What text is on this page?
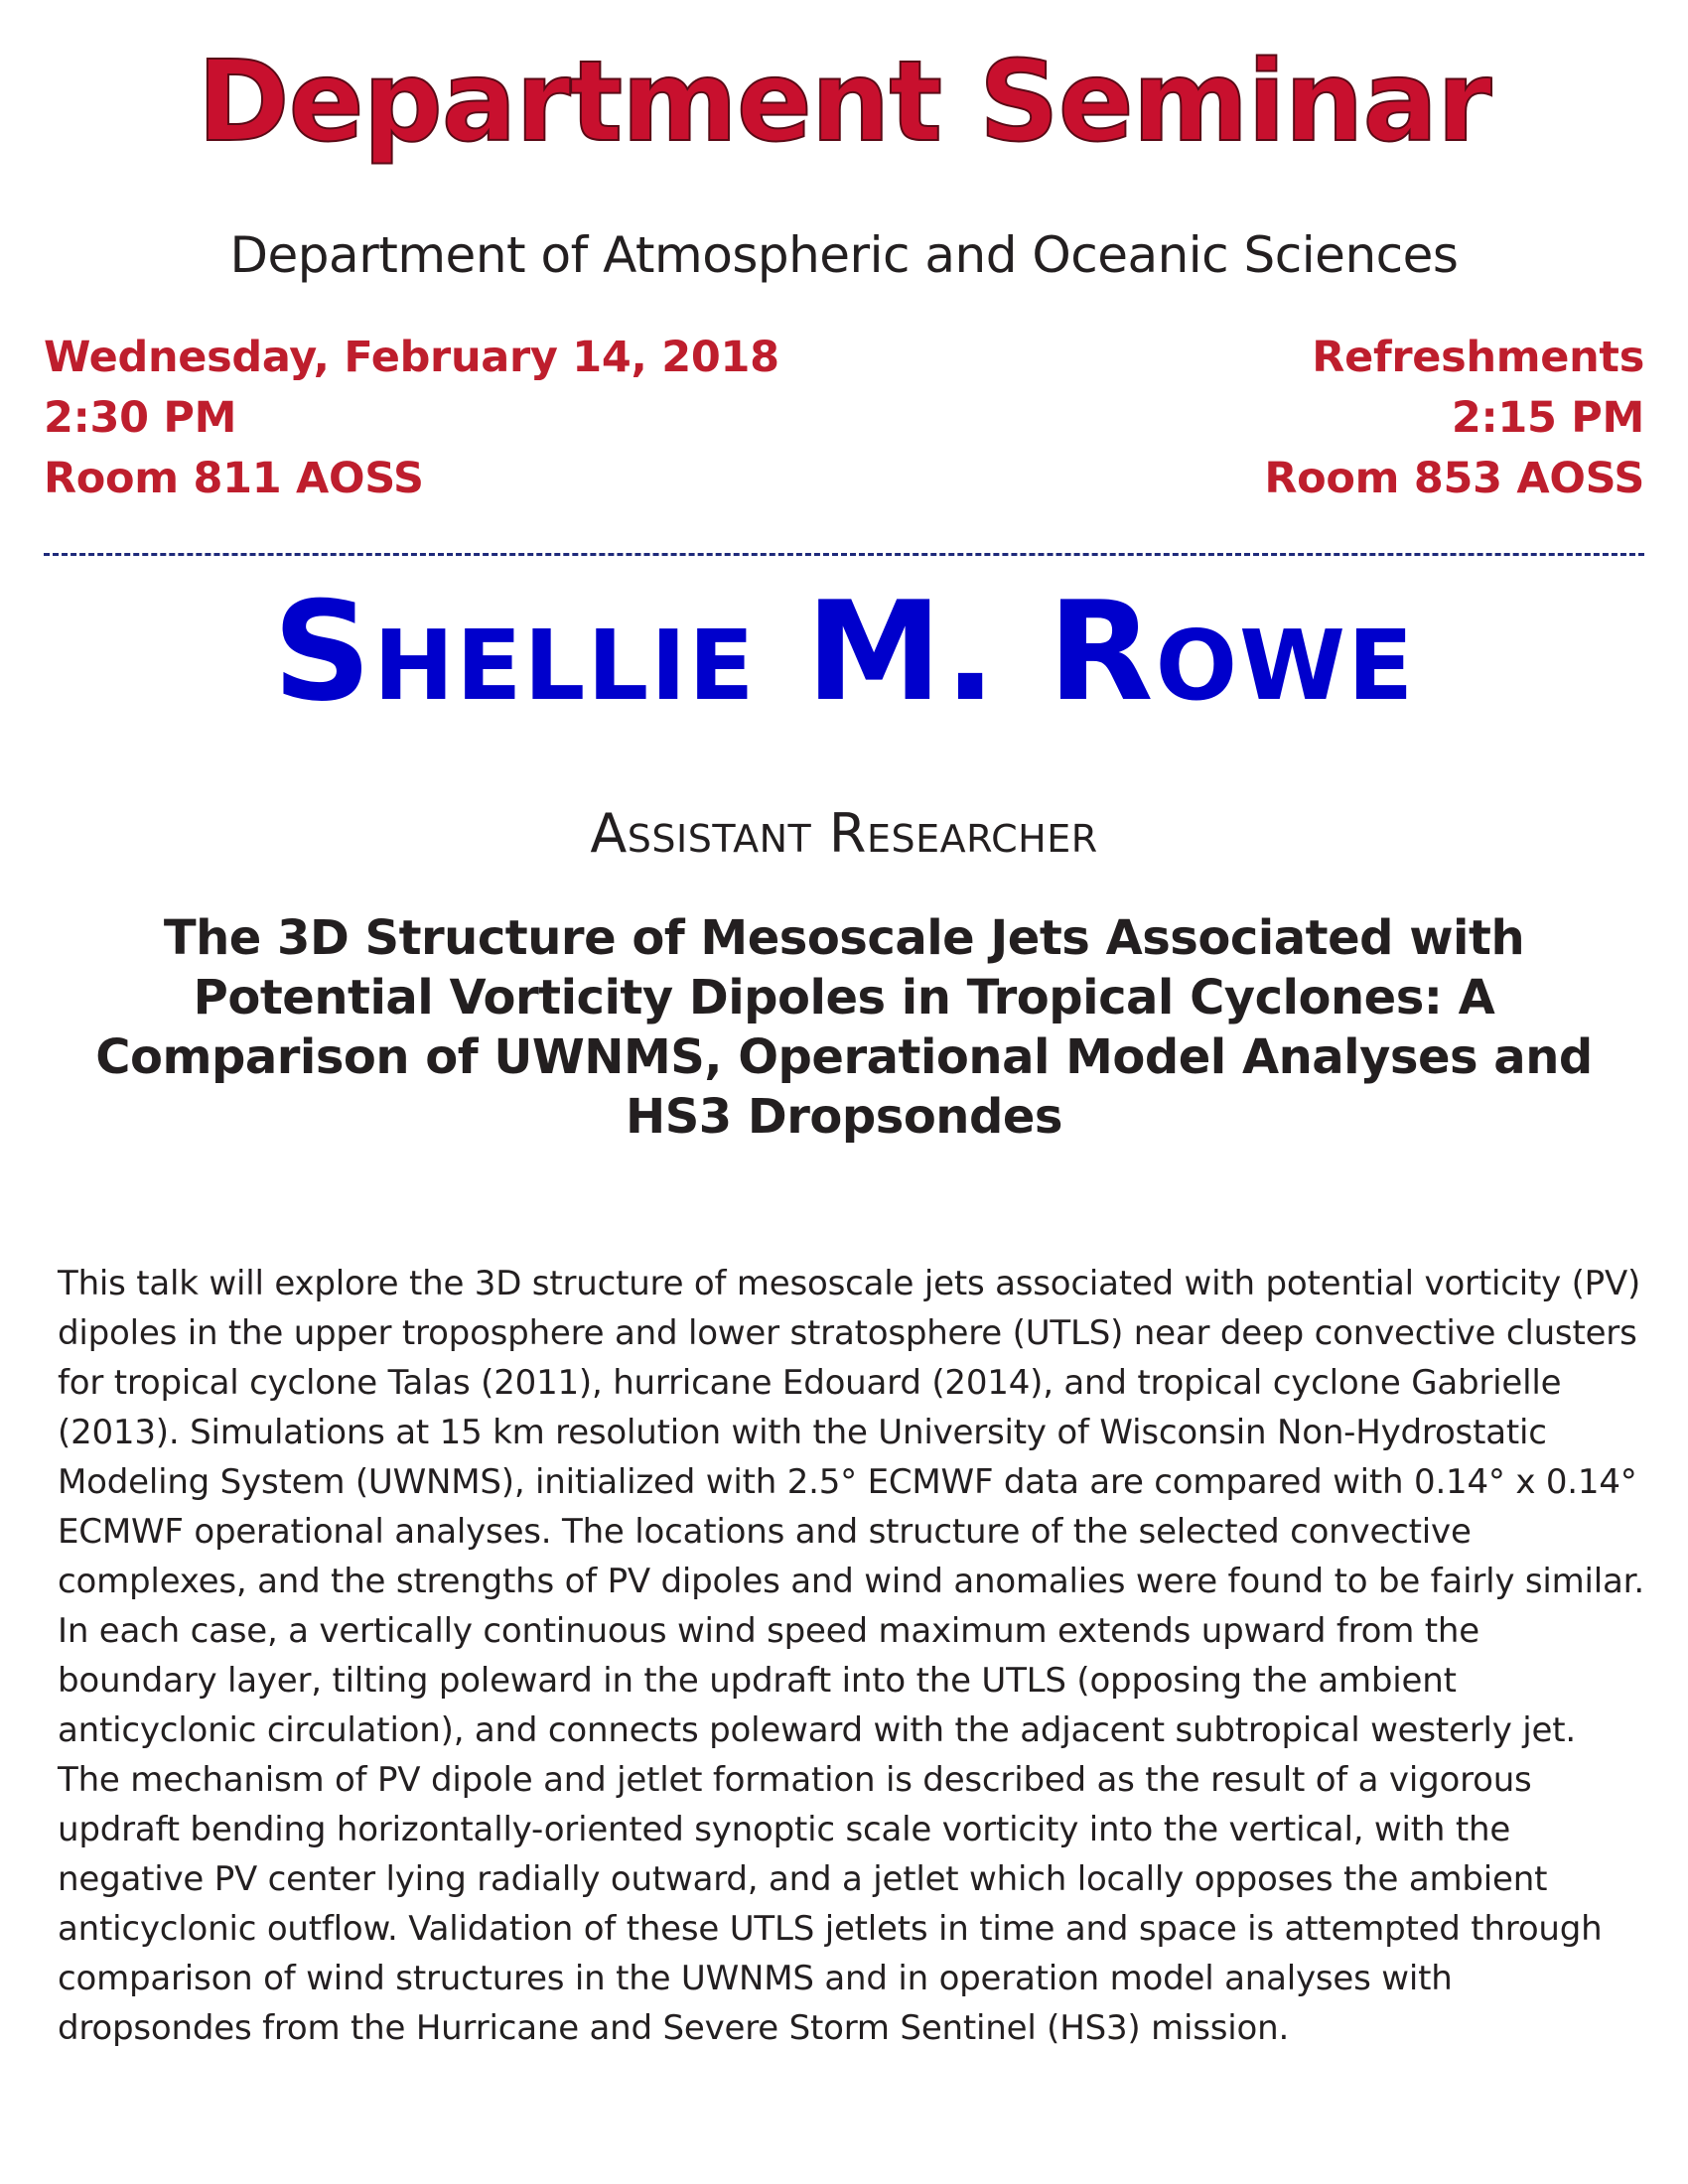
Department Seminar
Department of Atmospheric and Oceanic Sciences
Wednesday, February 14, 2018
2:30 PM
Room 811 AOSS
Refreshments
2:15 PM
Room 853 AOSS
Shellie M. Rowe
Assistant Researcher
The 3D Structure of Mesoscale Jets Associated with Potential Vorticity Dipoles in Tropical Cyclones: A Comparison of UWNMS, Operational Model Analyses and HS3 Dropsondes
This talk will explore the 3D structure of mesoscale jets associated with potential vorticity (PV) dipoles in the upper troposphere and lower stratosphere (UTLS) near deep convective clusters for tropical cyclone Talas (2011), hurricane Edouard (2014), and tropical cyclone Gabrielle (2013). Simulations at 15 km resolution with the University of Wisconsin Non-Hydrostatic Modeling System (UWNMS), initialized with 2.5° ECMWF data are compared with 0.14° x 0.14° ECMWF operational analyses. The locations and structure of the selected convective complexes, and the strengths of PV dipoles and wind anomalies were found to be fairly similar. In each case, a vertically continuous wind speed maximum extends upward from the boundary layer, tilting poleward in the updraft into the UTLS (opposing the ambient anticyclonic circulation), and connects poleward with the adjacent subtropical westerly jet. The mechanism of PV dipole and jetlet formation is described as the result of a vigorous updraft bending horizontally-oriented synoptic scale vorticity into the vertical, with the negative PV center lying radially outward, and a jetlet which locally opposes the ambient anticyclonic outflow. Validation of these UTLS jetlets in time and space is attempted through comparison of wind structures in the UWNMS and in operation model analyses with dropsondes from the Hurricane and Severe Storm Sentinel (HS3) mission.
